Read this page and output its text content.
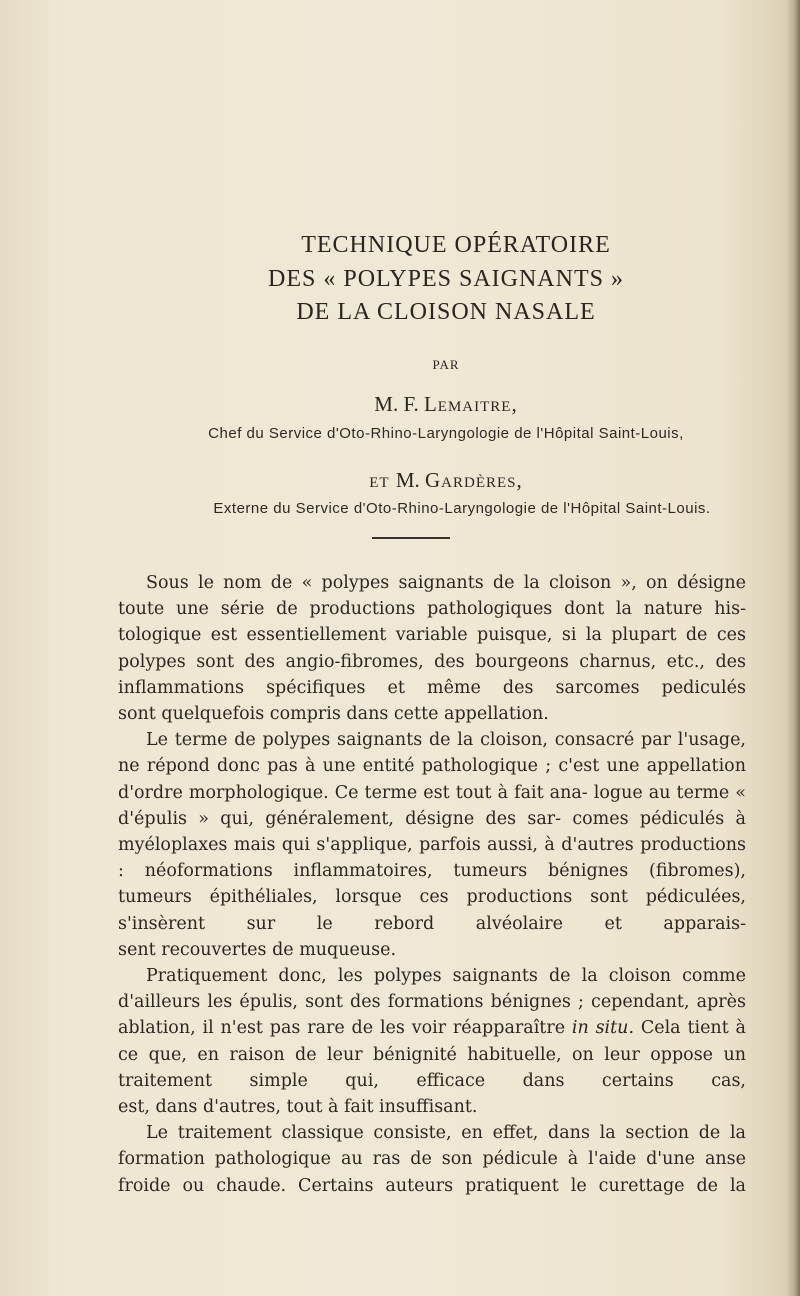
TECHNIQUE OPÉRATOIRE
DES « POLYPES SAIGNANTS »
DE LA CLOISON NASALE
PAR
M. F. Lemaitre,
Chef du Service d'Oto-Rhino-Laryngologie de l'Hôpital Saint-Louis,
et M. Gardères,
Externe du Service d'Oto-Rhino-Laryngologie de l'Hôpital Saint-Louis.

Sous le nom de « polypes saignants de la cloison », on désigne toute une série de productions pathologiques dont la nature his- tologique est essentiellement variable puisque, si la plupart de ces polypes sont des angio-fibromes, des bourgeons charnus, etc., des inflammations spécifiques et même des sarcomes pediculés

sont quelquefois compris dans cette appellation.

Le terme de polypes saignants de la cloison, consacré par l'usage, ne répond donc pas à une entité pathologique ; c'est une appellation d'ordre morphologique. Ce terme est tout à fait ana- logue au terme « d'épulis » qui, généralement, désigne des sar- comes pédiculés à myéloplaxes mais qui s'applique, parfois aussi, à d'autres productions : néoformations inflammatoires, tumeurs bénignes (fibromes), tumeurs épithéliales, lorsque ces productions sont pédiculées, s'insèrent sur le rebord alvéolaire et apparais-

sent recouvertes de muqueuse.

Pratiquement donc, les polypes saignants de la cloison comme d'ailleurs les épulis, sont des formations bénignes ; cependant, après ablation, il n'est pas rare de les voir réapparaître in situ. Cela tient à ce que, en raison de leur bénignité habituelle, on leur oppose un traitement simple qui, efficace dans certains cas,

est, dans d'autres, tout à fait insuffisant.

Le traitement classique consiste, en effet, dans la section de la formation pathologique au ras de son pédicule à l'aide d'une anse froide ou chaude. Certains auteurs pratiquent le curettage de la
